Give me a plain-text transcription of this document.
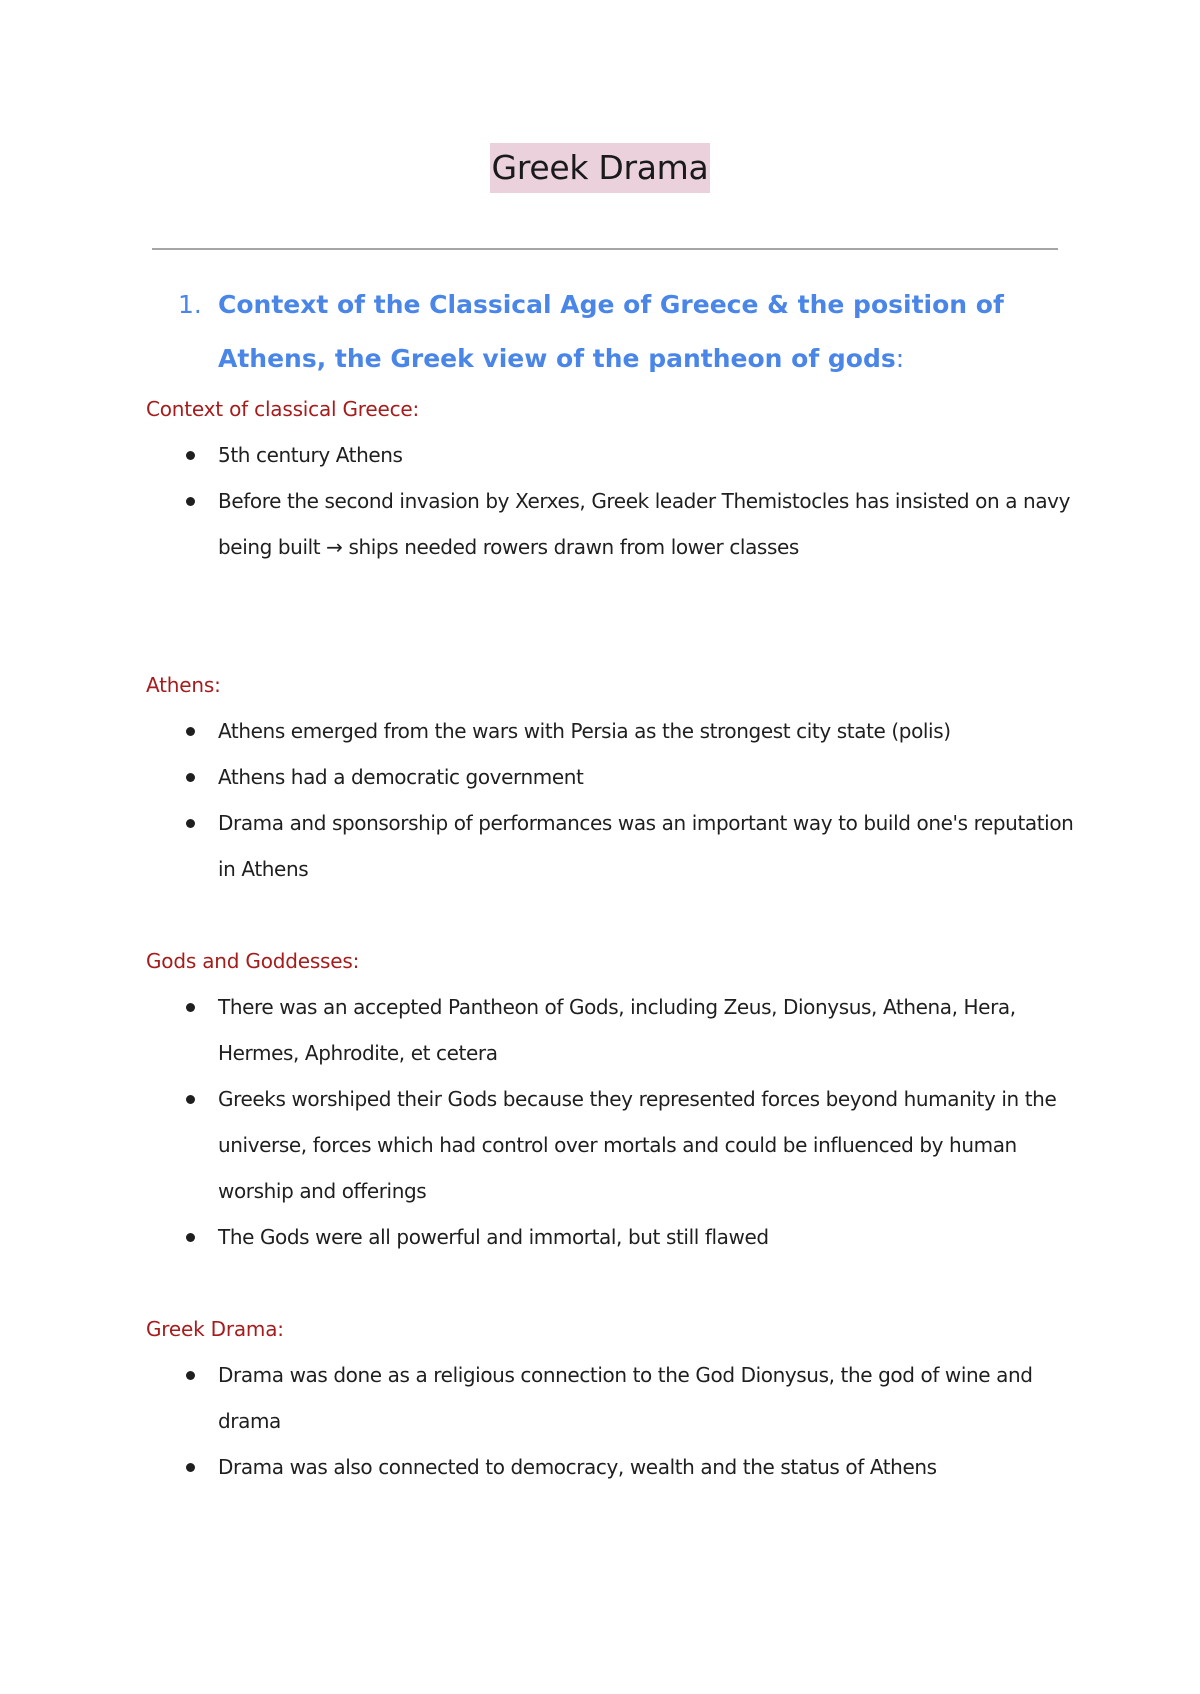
Greek Drama
1. Context of the Classical Age of Greece & the position of Athens, the Greek view of the pantheon of gods:
Context of classical Greece:
5th century Athens
Before the second invasion by Xerxes, Greek leader Themistocles has insisted on a navy being built → ships needed rowers drawn from lower classes
Athens:
Athens emerged from the wars with Persia as the strongest city state (polis)
Athens had a democratic government
Drama and sponsorship of performances was an important way to build one's reputation in Athens
Gods and Goddesses:
There was an accepted Pantheon of Gods, including Zeus, Dionysus, Athena, Hera, Hermes, Aphrodite, et cetera
Greeks worshiped their Gods because they represented forces beyond humanity in the universe, forces which had control over mortals and could be influenced by human worship and offerings
The Gods were all powerful and immortal, but still flawed
Greek Drama:
Drama was done as a religious connection to the God Dionysus, the god of wine and drama
Drama was also connected to democracy, wealth and the status of Athens
